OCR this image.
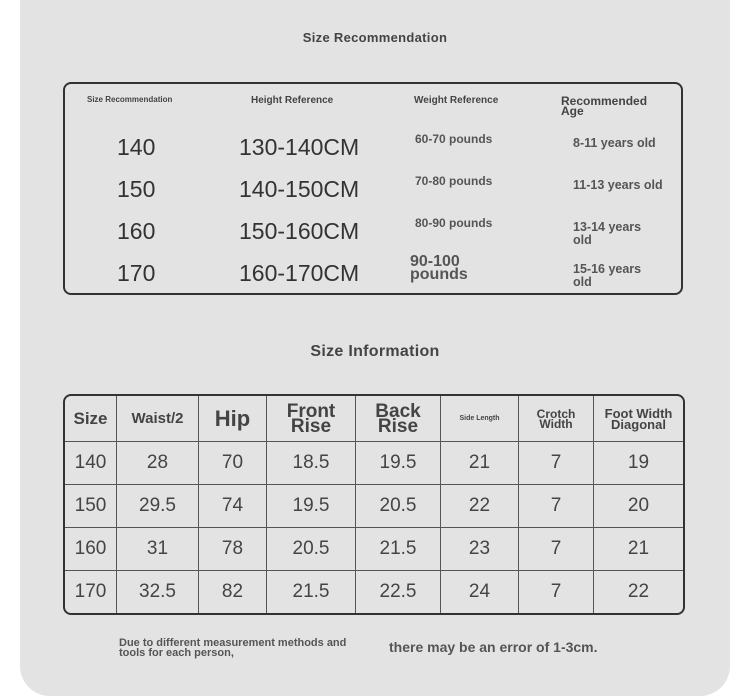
Size Recommendation
Size Recommendation	Height Reference	Weight Reference	Recommended Age
140	130-140CM	60-70 pounds	8-11 years old
150	140-150CM	70-80 pounds	11-13 years old
160	150-160CM	80-90 pounds	13-14 years old
170	160-170CM	90-100 pounds	15-16 years old
Size Information
Size	Waist/2	Hip	Front Rise	Back Rise	Side Length	Crotch Width	Foot Width Diagonal
140	28	70	18.5	19.5	21	7	19
150	29.5	74	19.5	20.5	22	7	20
160	31	78	20.5	21.5	23	7	21
170	32.5	82	21.5	22.5	24	7	22
Due to different measurement methods and tools for each person,	there may be an error of 1-3cm.
